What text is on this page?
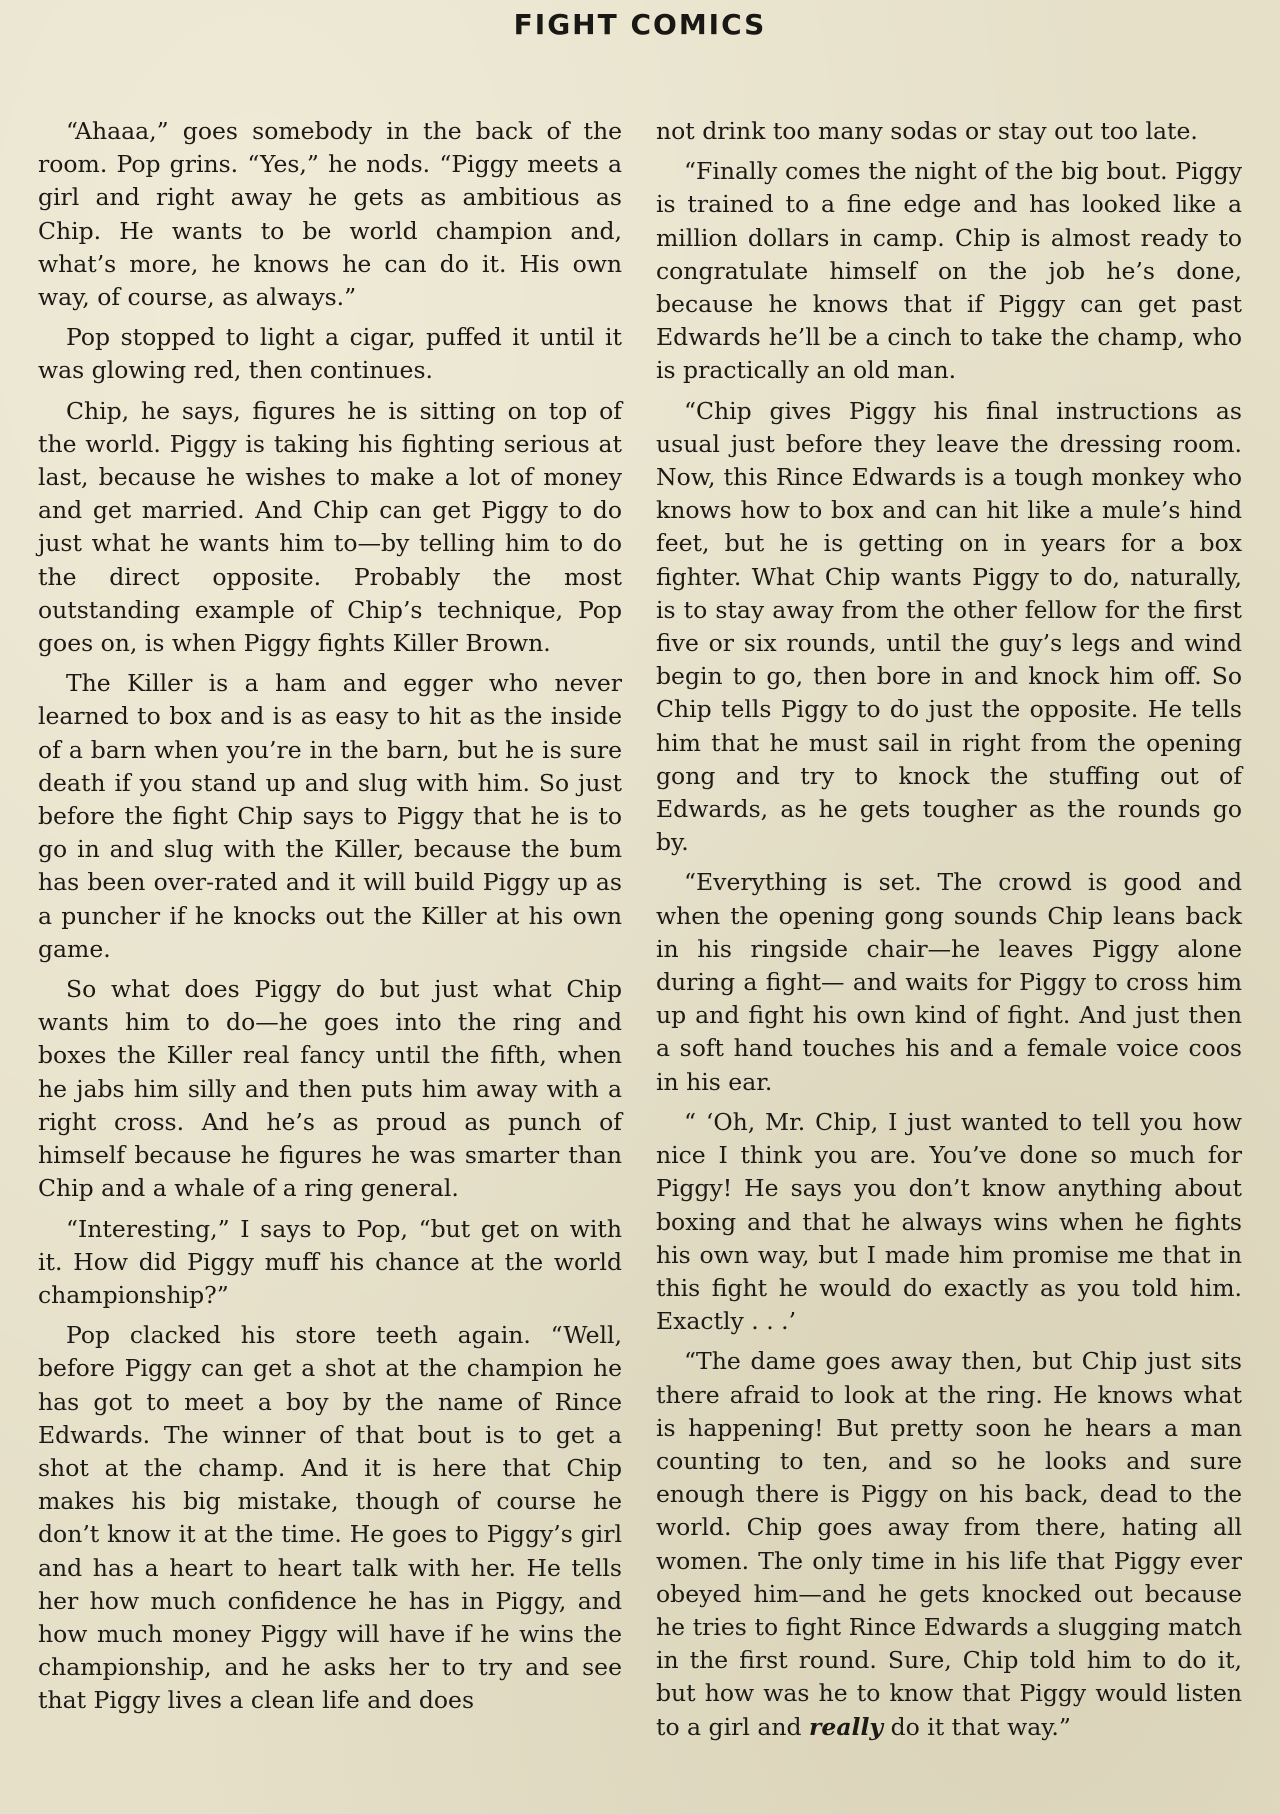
FIGHT COMICS

“Ahaaa,” goes somebody in the back of the room. Pop grins. “Yes,” he nods. “Piggy meets a girl and right away he gets as ambitious as Chip. He wants to be world champion and, what’s more, he knows he can do it. His own way, of course, as always.”

Pop stopped to light a cigar, puffed it until it was glowing red, then continues.

Chip, he says, figures he is sitting on top of the world. Piggy is taking his fighting serious at last, because he wishes to make a lot of money and get married. And Chip can get Piggy to do just what he wants him to—by telling him to do the direct opposite. Probably the most outstanding example of Chip’s technique, Pop goes on, is when Piggy fights Killer Brown.

The Killer is a ham and egger who never learned to box and is as easy to hit as the inside of a barn when you’re in the barn, but he is sure death if you stand up and slug with him. So just before the fight Chip says to Piggy that he is to go in and slug with the Killer, because the bum has been over-rated and it will build Piggy up as a puncher if he knocks out the Killer at his own game.

So what does Piggy do but just what Chip wants him to do—he goes into the ring and boxes the Killer real fancy until the fifth, when he jabs him silly and then puts him away with a right cross. And he’s as proud as punch of himself because he figures he was smarter than Chip and a whale of a ring general.

“Interesting,” I says to Pop, “but get on with it. How did Piggy muff his chance at the world championship?”

Pop clacked his store teeth again. “Well, before Piggy can get a shot at the champion he has got to meet a boy by the name of Rince Edwards. The winner of that bout is to get a shot at the champ. And it is here that Chip makes his big mistake, though of course he don’t know it at the time. He goes to Piggy’s girl and has a heart to heart talk with her. He tells her how much confidence he has in Piggy, and how much money Piggy will have if he wins the championship, and he asks her to try and see that Piggy lives a clean life and does

not drink too many sodas or stay out too late.

“Finally comes the night of the big bout. Piggy is trained to a fine edge and has looked like a million dollars in camp. Chip is almost ready to congratulate himself on the job he’s done, because he knows that if Piggy can get past Edwards he’ll be a cinch to take the champ, who is practically an old man.

“Chip gives Piggy his final instructions as usual just before they leave the dressing room. Now, this Rince Edwards is a tough monkey who knows how to box and can hit like a mule’s hind feet, but he is getting on in years for a box fighter. What Chip wants Piggy to do, naturally, is to stay away from the other fellow for the first five or six rounds, until the guy’s legs and wind begin to go, then bore in and knock him off. So Chip tells Piggy to do just the opposite. He tells him that he must sail in right from the opening gong and try to knock the stuffing out of Edwards, as he gets tougher as the rounds go by.

“Everything is set. The crowd is good and when the opening gong sounds Chip leans back in his ringside chair—he leaves Piggy alone during a fight— and waits for Piggy to cross him up and fight his own kind of fight. And just then a soft hand touches his and a female voice coos in his ear.

“ ‘Oh, Mr. Chip, I just wanted to tell you how nice I think you are. You’ve done so much for Piggy! He says you don’t know anything about boxing and that he always wins when he fights his own way, but I made him promise me that in this fight he would do exactly as you told him. Exactly . . .’

“The dame goes away then, but Chip just sits there afraid to look at the ring. He knows what is happening! But pretty soon he hears a man counting to ten, and so he looks and sure enough there is Piggy on his back, dead to the world. Chip goes away from there, hating all women. The only time in his life that Piggy ever obeyed him—and he gets knocked out because he tries to fight Rince Edwards a slugging match in the first round. Sure, Chip told him to do it, but how was he to know that Piggy would listen to a girl and really do it that way.”
